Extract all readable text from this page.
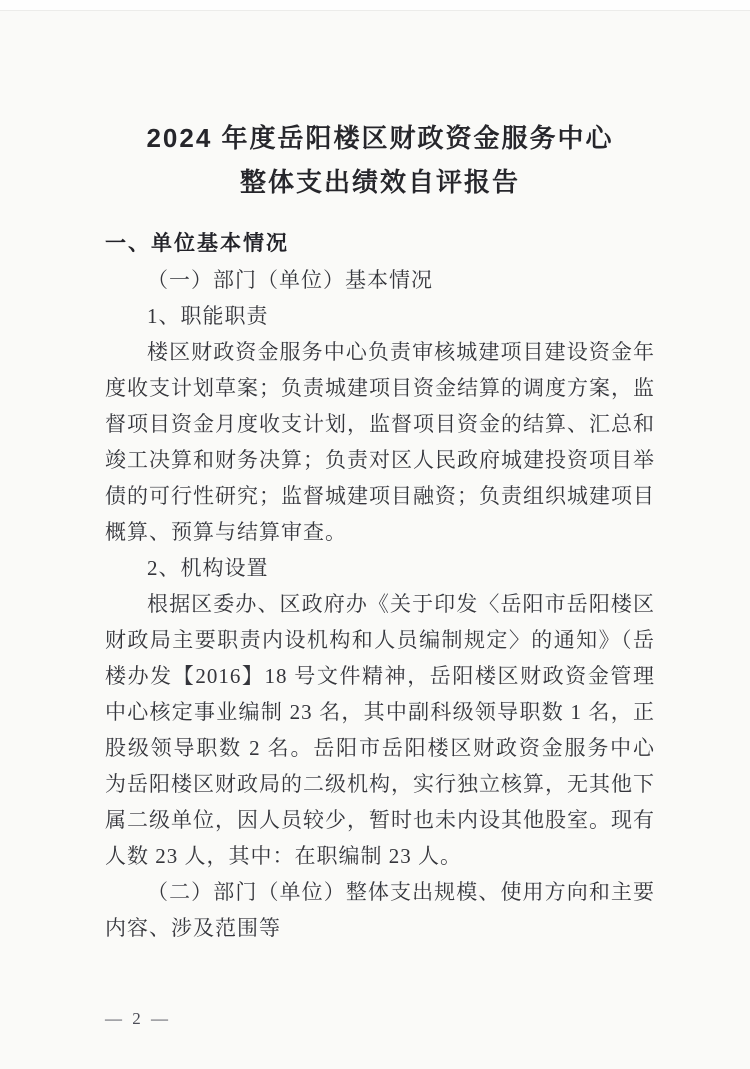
2024 年度岳阳楼区财政资金服务中心
整体支出绩效自评报告

一、单位基本情况

（一）部门（单位）基本情况

1、职能职责

楼区财政资金服务中心负责审核城建项目建设资金年度收支计划草案；负责城建项目资金结算的调度方案，监督项目资金月度收支计划，监督项目资金的结算、汇总和竣工决算和财务决算；负责对区人民政府城建投资项目举债的可行性研究；监督城建项目融资；负责组织城建项目概算、预算与结算审查。

2、机构设置

根据区委办、区政府办《关于印发〈岳阳市岳阳楼区财政局主要职责内设机构和人员编制规定〉的通知》（岳楼办发【2016】18 号文件精神，岳阳楼区财政资金管理中心核定事业编制 23 名，其中副科级领导职数 1 名，正股级领导职数 2 名。岳阳市岳阳楼区财政资金服务中心为岳阳楼区财政局的二级机构，实行独立核算，无其他下属二级单位，因人员较少，暂时也未内设其他股室。现有人数 23 人，其中：在职编制 23 人。

（二）部门（单位）整体支出规模、使用方向和主要内容、涉及范围等

— 2 —
